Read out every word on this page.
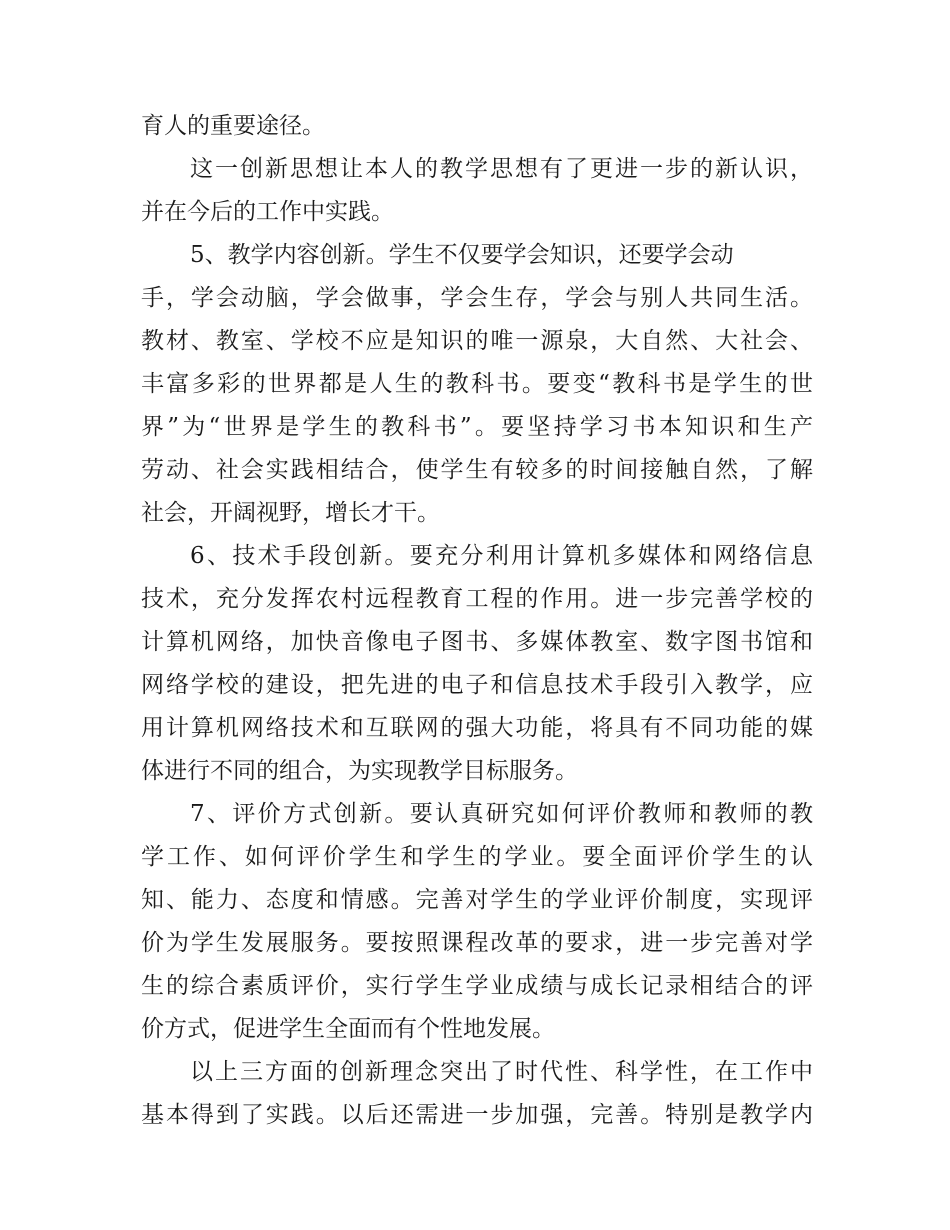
育人的重要途径。
这一创新思想让本人的教学思想有了更进一步的新认识，
并在今后的工作中实践。
5、教学内容创新。学生不仅要学会知识，还要学会动
手，学会动脑，学会做事，学会生存，学会与别人共同生活。
教材、教室、学校不应是知识的唯一源泉，大自然、大社会、
丰富多彩的世界都是人生的教科书。要变“教科书是学生的世
界”为“世界是学生的教科书”。要坚持学习书本知识和生产
劳动、社会实践相结合，使学生有较多的时间接触自然，了解
社会，开阔视野，增长才干。
6、技术手段创新。要充分利用计算机多媒体和网络信息
技术，充分发挥农村远程教育工程的作用。进一步完善学校的
计算机网络，加快音像电子图书、多媒体教室、数字图书馆和
网络学校的建设，把先进的电子和信息技术手段引入教学，应
用计算机网络技术和互联网的强大功能，将具有不同功能的媒
体进行不同的组合，为实现教学目标服务。
7、评价方式创新。要认真研究如何评价教师和教师的教
学工作、如何评价学生和学生的学业。要全面评价学生的认
知、能力、态度和情感。完善对学生的学业评价制度，实现评
价为学生发展服务。要按照课程改革的要求，进一步完善对学
生的综合素质评价，实行学生学业成绩与成长记录相结合的评
价方式，促进学生全面而有个性地发展。
以上三方面的创新理念突出了时代性、科学性，在工作中
基本得到了实践。以后还需进一步加强，完善。特别是教学内
